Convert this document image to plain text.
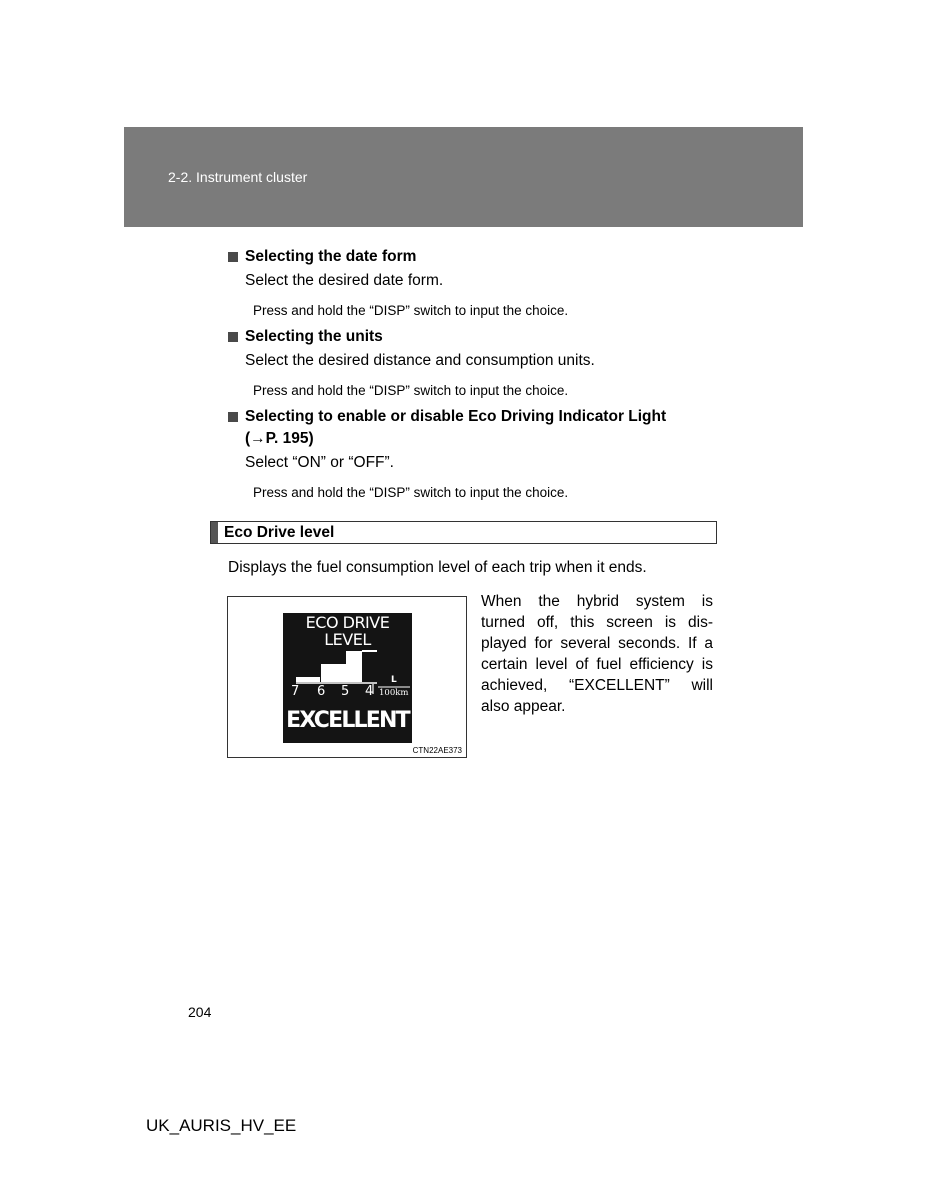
2-2. Instrument cluster
Selecting the date form
Select the desired date form.
Press and hold the “DISP” switch to input the choice.
Selecting the units
Select the desired distance and consumption units.
Press and hold the “DISP” switch to input the choice.
Selecting to enable or disable Eco Driving Indicator Light
(→P. 195)
Select “ON” or “OFF”.
Press and hold the “DISP” switch to input the choice.
Eco Drive level
Displays the fuel consumption level of each trip when it ends.
ECO DRIVE
LEVEL
7 6 5 4
L
100km
EXCELLENT
CTN22AE373
When the hybrid system is
turned off, this screen is dis-
played for several seconds. If a
certain level of fuel efficiency is
achieved, “EXCELLENT” will
also appear.
204
UK_AURIS_HV_EE
